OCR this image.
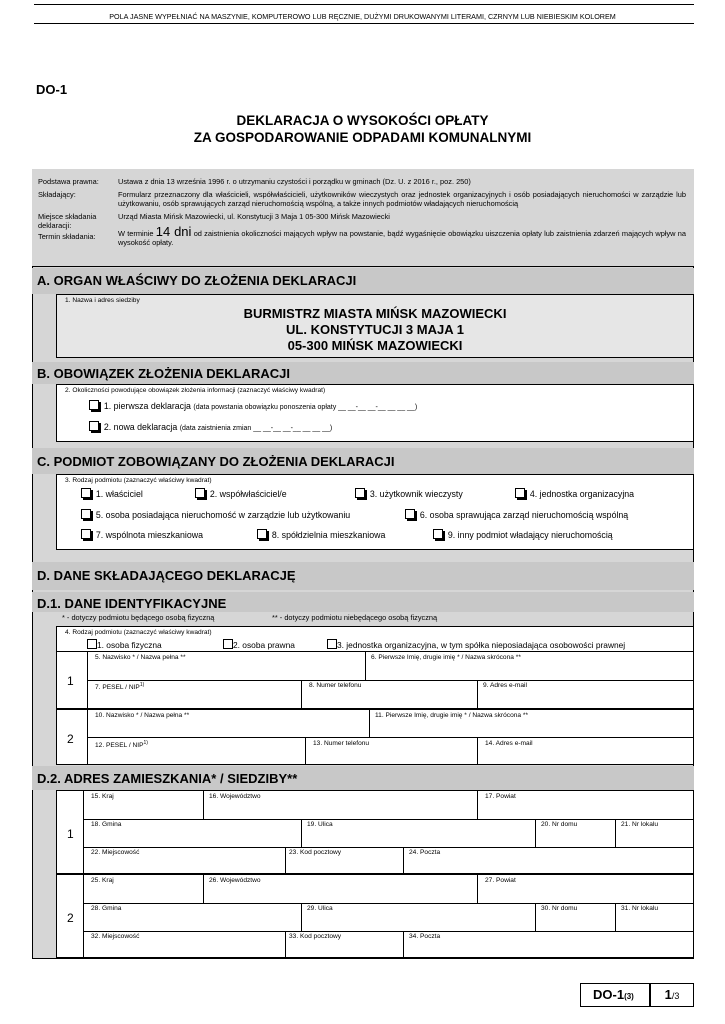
POLA JASNE WYPEŁNIAĆ NA MASZYNIE, KOMPUTEROWO LUB RĘCZNIE, DUŻYMI DRUKOWANYMI LITERAMI, CZRNYM LUB NIEBIESKIM KOLOREM
DO-1
DEKLARACJA O WYSOKOŚCI OPŁATY
ZA GOSPODAROWANIE ODPADAMI KOMUNALNYMI
Podstawa prawna:	Ustawa z dnia 13 września 1996 r. o utrzymaniu czystości i porządku w gminach (Dz. U. z 2016 r., poz. 250)
Składający:	Formularz przeznaczony dla właścicieli, współwłaścicieli, użytkowników wieczystych oraz jednostek organizacyjnych i osób posiadających nieruchomości w zarządzie lub użytkowaniu, osób sprawujących zarząd nieruchomością wspólną, a także innych podmiotów władających nieruchomością
Miejsce składania deklaracji:
Urząd Miasta Mińsk Mazowiecki, ul. Konstytucji 3 Maja 1 05-300 Mińsk Mazowiecki
Termin składania:	W terminie 14 dni od zaistnienia okoliczności mających wpływ na powstanie, bądź wygaśnięcie obowiązku uiszczenia opłaty lub zaistnienia zdarzeń mających wpływ na wysokość opłaty.
A. ORGAN WŁAŚCIWY DO ZŁOŻENIA DEKLARACJI
1. Nazwa i adres siedziby
BURMISTRZ MIASTA MIŃSK MAZOWIECKI
UL. KONSTYTUCJI 3 MAJA 1
05-300 MIŃSK MAZOWIECKI
B. OBOWIĄZEK ZŁOŻENIA DEKLARACJI
2. Okoliczności powodujące obowiązek złożenia informacji (zaznaczyć właściwy kwadrat)
1. pierwsza deklaracja (data powstania obowiązku ponoszenia opłaty __ __-__ __-__ __ __ __)
2. nowa deklaracja (data zaistnienia zmian __ __-__ __-__ __ __ __)
C. PODMIOT ZOBOWIĄZANY DO ZŁOŻENIA DEKLARACJI
3. Rodzaj podmiotu (zaznaczyć właściwy kwadrat)
1. właściciel	2. współwłaściciel/e	3. użytkownik wieczysty	4. jednostka organizacyjna
5. osoba posiadająca nieruchomość w zarządzie lub użytkowaniu	6. osoba sprawująca zarząd nieruchomością wspólną
7. wspólnota mieszkaniowa	8. spółdzielnia mieszkaniowa	9. inny podmiot władający nieruchomością
D. DANE SKŁADAJĄCEGO DEKLARACJĘ
D.1. DANE IDENTYFIKACYJNE
* - dotyczy podmiotu będącego osobą fizyczną	** - dotyczy podmiotu niebędącego osobą fizyczną
4. Rodzaj podmiotu (zaznaczyć właściwy kwadrat)
1. osoba fizyczna	2. osoba prawna	3. jednostka organizacyjna, w tym spółka nieposiadająca osobowości prawnej
1
5. Nazwisko * / Nazwa pełna **	6. Pierwsze Imię, drugie imię * / Nazwa skrócona **
7. PESEL / NIP$^{1)}$	8. Numer telefonu	9. Adres e-mail
2
10. Nazwisko * / Nazwa pełna **	11. Pierwsze Imię, drugie imię * / Nazwa skrócona **
12. PESEL / NIP$^{1)}$	13. Numer telefonu	14. Adres e-mail
D.2. ADRES ZAMIESZKANIA* / SIEDZIBY**
1
15. Kraj	16. Województwo	17. Powiat
18. Gmina	19. Ulica	20. Nr domu	21. Nr lokalu
22. Miejscowość	23. Kod pocztowy	24. Poczta
2
25. Kraj	26. Województwo	27. Powiat
28. Gmina	29. Ulica	30. Nr domu	31. Nr lokalu
32. Miejscowość	33. Kod pocztowy	34. Poczta
DO-1(3)	1/3
